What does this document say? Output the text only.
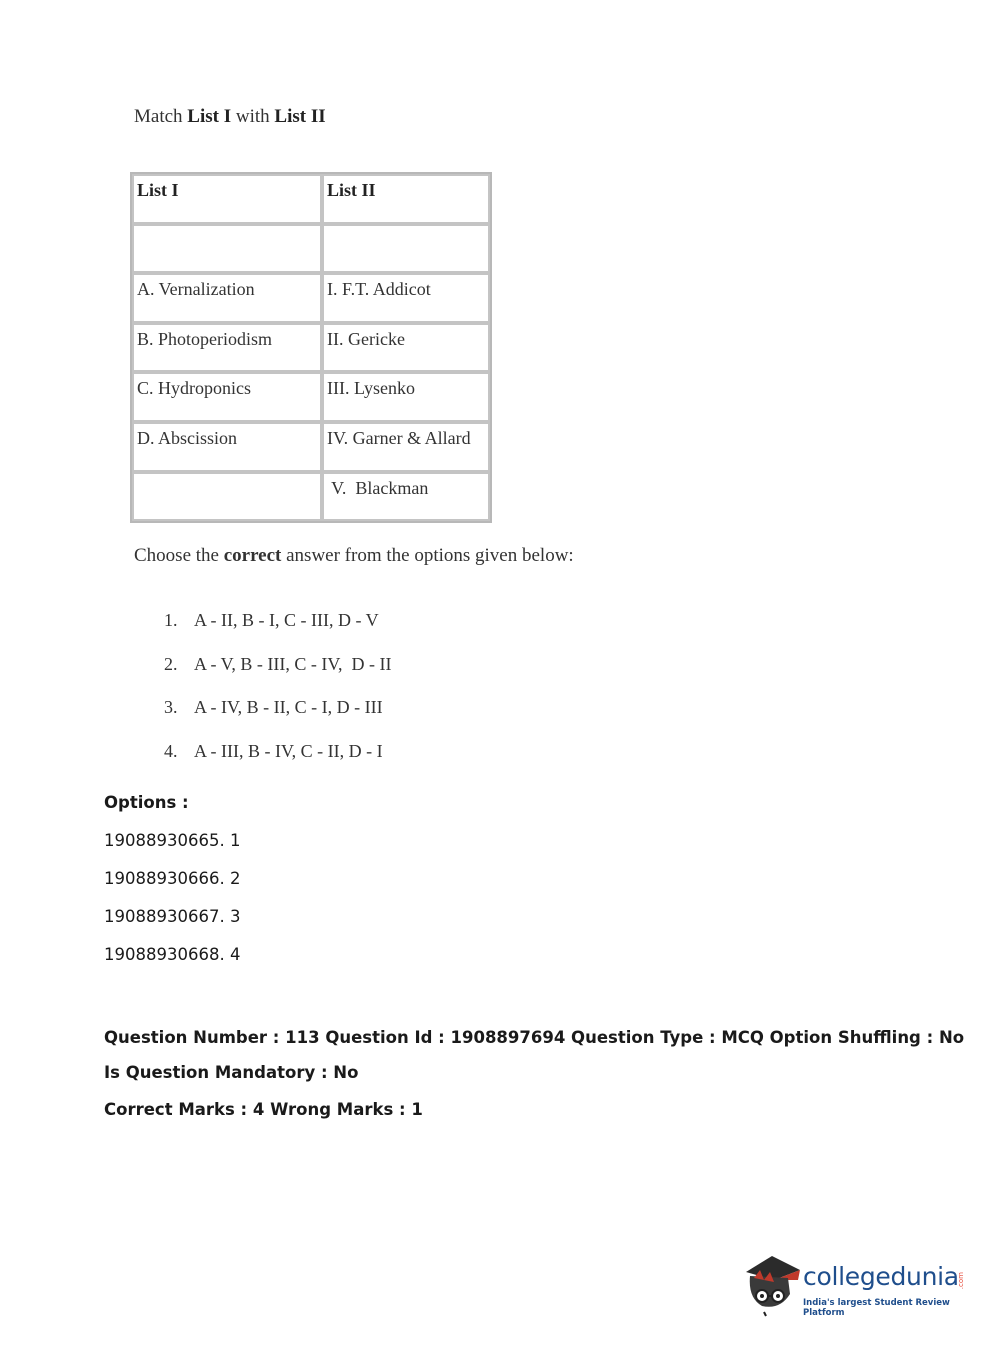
Match List I with List II
List I	List II

A. Vernalization	I. F.T. Addicot
B. Photoperiodism	II. Gericke
C. Hydroponics	III. Lysenko
D. Abscission	IV. Garner & Allard
	V.  Blackman
Choose the correct answer from the options given below:
1. A - II, B - I, C - III, D - V
2. A - V, B - III, C - IV,  D - II
3. A - IV, B - II, C - I, D - III
4. A - III, B - IV, C - II, D - I
Options :
19088930665. 1
19088930666. 2
19088930667. 3
19088930668. 4
Question Number : 113 Question Id : 1908897694 Question Type : MCQ Option Shuffling : No
Is Question Mandatory : No
Correct Marks : 4 Wrong Marks : 1
collegedunia
.com
India's largest Student Review Platform
